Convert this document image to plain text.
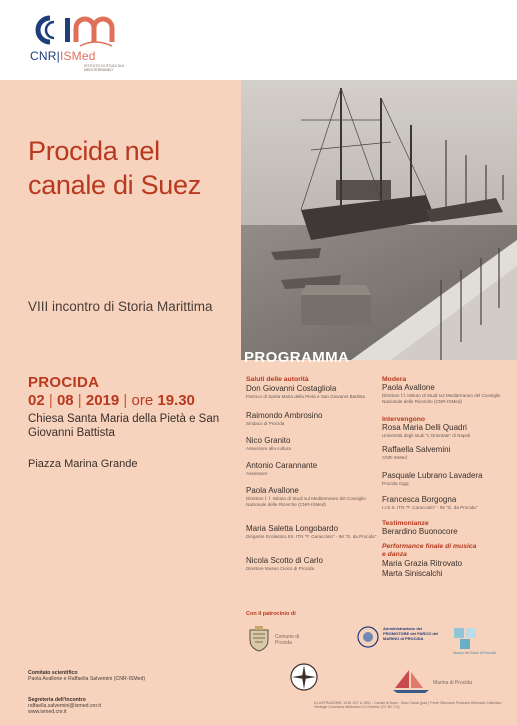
CNR|ISMed
ISTITUTO DI STUDI SUL MEDITERRANEO
Procida nel canale di Suez
VIII incontro di Storia Marittima
PROGRAMMA
PROCIDA
02 | 08 | 2019 | ore 19.30
Chiesa Santa Maria della Pietà e San Giovanni Battista
Piazza Marina Grande
Saluti delle autorità
Don Giovanni Costagliola
Parroco di Santa Maria della Pietà e San Giovanni Battista
Raimondo Ambrosino
Sindaco di Procida
Nico Granito
Assessore alla cultura
Antonio Carannante
Assessore
Paola Avallone
Direttore f. f. Istituto di Studi sul Mediterraneo del Consiglio Nazionale delle Ricerche (CNR-ISMed)
Maria Saletta Longobardo
Dirigente Scolastico IIS. ITN "F. Caracciolo" - IM "G. da Procida"
Nicola Scotto di Carlo
Direttore Museo Civico di Procida
Modera
Paola Avallone
Direttore f.f. Istituto di Studi sul Mediterraneo del Consiglio Nazionale delle Ricerche (CNR-ISMed)
Intervengono
Rosa Maria Delli Quadri
Università degli studi "L'Orientale" di Napoli
Raffaella Salvemini
CNR-ISMed
Pasquale Lubrano Lavadera
Procida Oggi
Francesca Borgogna
I.I.S.S. ITN "F. Caracciolo" - IM "G. da Procida"
Testimonianze
Berardino Buonocore
Performance finale di musica e danza
Maria Grazia Ritrovato
Marta Siniscalchi
Con il patrocinio di
Comune di Procida
Amministrazione del PROMOTORE del PARCO del MARINO di PROCIDA
Museo del Mare di Procida
Marina di Procida
ILLUSTRAZIONE: 1916 JOY & 1901 - Canale di Suez - Suez Canal (part.) Porte Ottomane Postcard Historical Collection Heritage Commons Attribution 2.0 Generic (CC BY 2.0)
Comitato scientifico
Paola Avallone e Raffaella Salvemini (CNR-ISMed)
Segreteria dell'incontro
raffaella.salvemini@ismed.cnr.it
www.ismed.cnr.it
